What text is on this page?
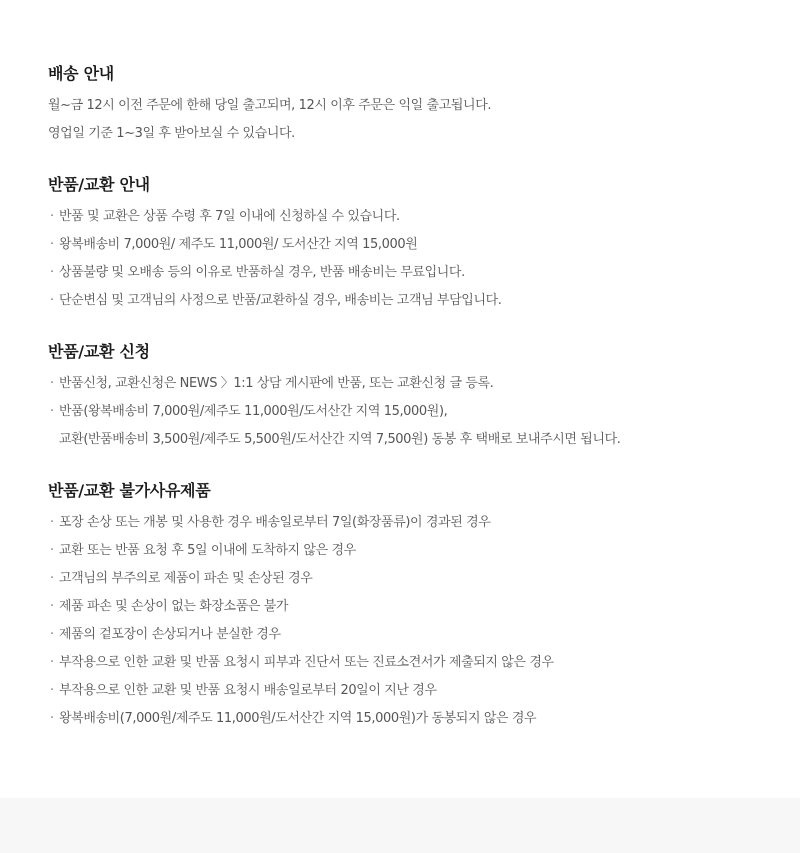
배송 안내
월~금 12시 이전 주문에 한해 당일 출고되며, 12시 이후 주문은 익일 출고됩니다.
영업일 기준 1~3일 후 받아보실 수 있습니다.
반품/교환 안내
· 반품 및 교환은 상품 수령 후 7일 이내에 신청하실 수 있습니다.
· 왕복배송비 7,000원/ 제주도 11,000원/ 도서산간 지역 15,000원
· 상품불량 및 오배송 등의 이유로 반품하실 경우, 반품 배송비는 무료입니다.
· 단순변심 및 고객님의 사정으로 반품/교환하실 경우, 배송비는 고객님 부담입니다.
반품/교환 신청
· 반품신청, 교환신청은 NEWS 〉1:1 상담 게시판에 반품, 또는 교환신청 글 등록.
· 반품(왕복배송비 7,000원/제주도 11,000원/도서산간 지역 15,000원),
교환(반품배송비 3,500원/제주도 5,500원/도서산간 지역 7,500원) 동봉 후 택배로 보내주시면 됩니다.
반품/교환 불가사유제품
· 포장 손상 또는 개봉 및 사용한 경우 배송일로부터 7일(화장품류)이 경과된 경우
· 교환 또는 반품 요청 후 5일 이내에 도착하지 않은 경우
· 고객님의 부주의로 제품이 파손 및 손상된 경우
· 제품 파손 및 손상이 없는 화장소품은 불가
· 제품의 겉포장이 손상되거나 분실한 경우
· 부작용으로 인한 교환 및 반품 요청시 피부과 진단서 또는 진료소견서가 제출되지 않은 경우
· 부작용으로 인한 교환 및 반품 요청시 배송일로부터 20일이 지난 경우
· 왕복배송비(7,000원/제주도 11,000원/도서산간 지역 15,000원)가 동봉되지 않은 경우
